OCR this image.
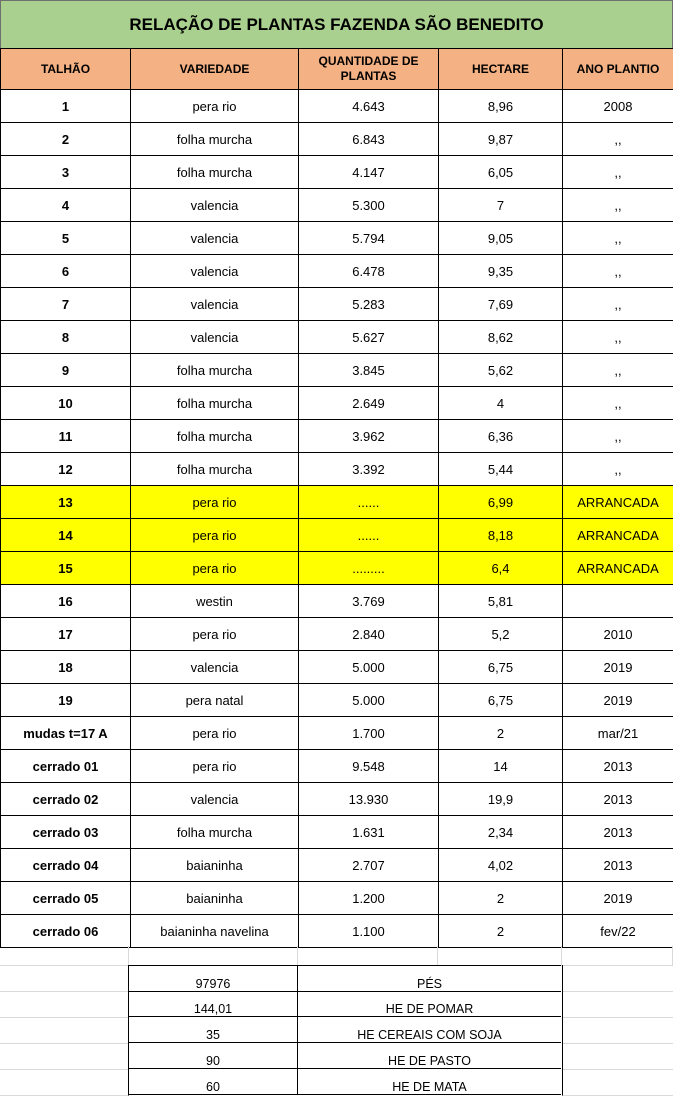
RELAÇÃO DE PLANTAS FAZENDA SÃO BENEDITO
TALHÃO	VARIEDADE	QUANTIDADE DE PLANTAS	HECTARE	ANO PLANTIO
1	pera rio	4.643	8,96	2008
2	folha murcha	6.843	9,87	,,
3	folha murcha	4.147	6,05	,,
4	valencia	5.300	7	,,
5	valencia	5.794	9,05	,,
6	valencia	6.478	9,35	,,
7	valencia	5.283	7,69	,,
8	valencia	5.627	8,62	,,
9	folha murcha	3.845	5,62	,,
10	folha murcha	2.649	4	,,
11	folha murcha	3.962	6,36	,,
12	folha murcha	3.392	5,44	,,
13	pera rio	......	6,99	ARRANCADA
14	pera rio	......	8,18	ARRANCADA
15	pera rio	.........	6,4	ARRANCADA
16	westin	3.769	5,81	
17	pera rio	2.840	5,2	2010
18	valencia	5.000	6,75	2019
19	pera natal	5.000	6,75	2019
mudas t=17 A	pera rio	1.700	2	mar/21
cerrado 01	pera rio	9.548	14	2013
cerrado 02	valencia	13.930	19,9	2013
cerrado 03	folha murcha	1.631	2,34	2013
cerrado 04	baianinha	2.707	4,02	2013
cerrado 05	baianinha	1.200	2	2019
cerrado 06	baianinha navelina	1.100	2	fev/22
97976	PÉS
144,01	HE DE POMAR
35	HE CEREAIS COM SOJA
90	HE DE PASTO
60	HE DE MATA
